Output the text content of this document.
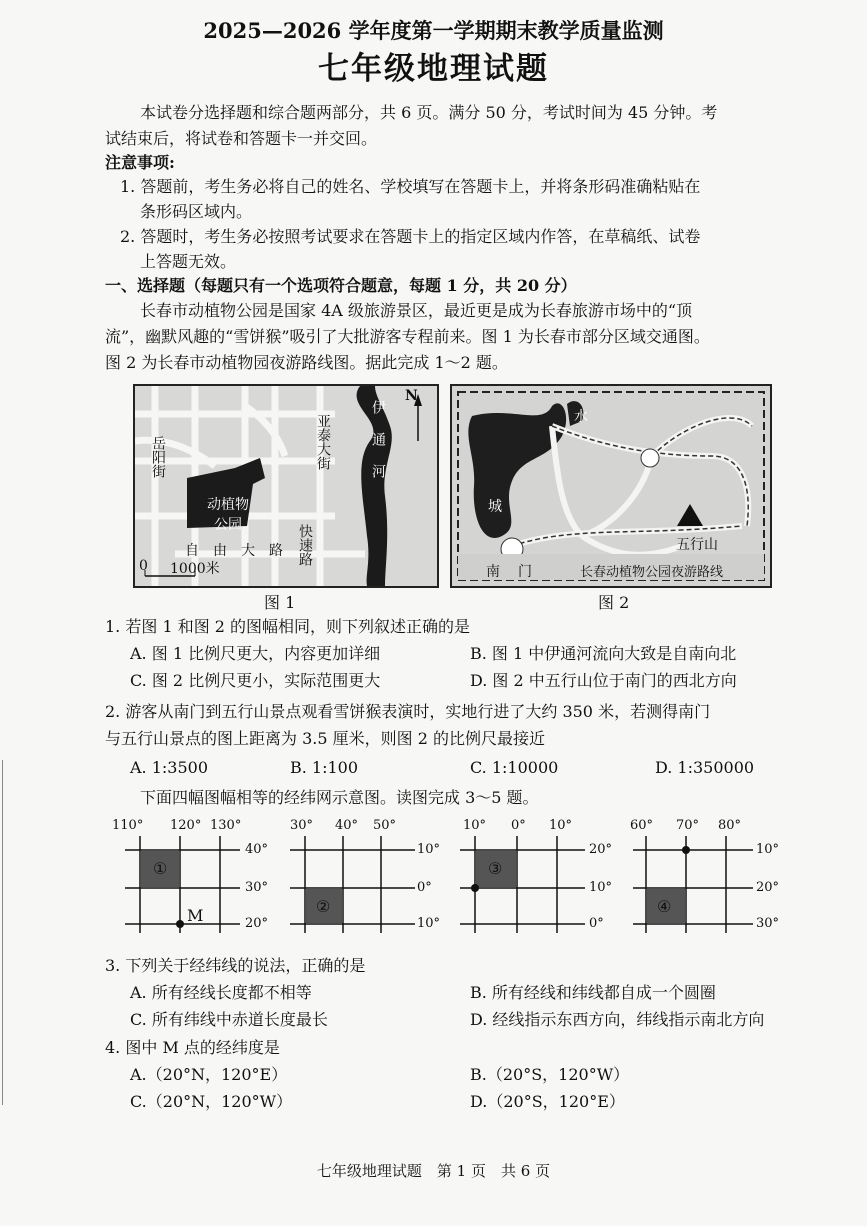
2025—2026 学年度第一学期期末教学质量监测
七年级地理试题
本试卷分选择题和综合题两部分，共 6 页。满分 50 分，考试时间为 45 分钟。考
试结束后，将试卷和答题卡一并交回。
注意事项:
1. 答题前，考生务必将自己的姓名、学校填写在答题卡上，并将条形码准确粘贴在
条形码区域内。
2. 答题时，考生务必按照考试要求在答题卡上的指定区域内作答，在草稿纸、试卷
上答题无效。
一、选择题（每题只有一个选项符合题意，每题 1 分，共 20 分）
长春市动植物公园是国家 4A 级旅游景区，最近更是成为长春旅游市场中的“顶
流”，幽默风趣的“雪饼猴”吸引了大批游客专程前来。图 1 为长春市部分区域交通图。
图 2 为长春市动植物园夜游路线图。据此完成 1～2 题。
动植物公园
岳阳街	亚泰大街
自由大路 快速路
伊通河
N
0 1000米
图 1
水
城
南门
五行山
长春动植物公园夜游路线
图 2
1. 若图 1 和图 2 的图幅相同，则下列叙述正确的是
A. 图 1 比例尺更大，内容更加详细	B. 图 1 中伊通河流向大致是自南向北
C. 图 2 比例尺更小，实际范围更大	D. 图 2 中五行山位于南门的西北方向
2. 游客从南门到五行山景点观看雪饼猴表演时，实地行进了大约 350 米，若测得南门
与五行山景点的图上距离为 3.5 厘米，则图 2 的比例尺最接近
A. 1:3500	B. 1:100	C. 1:10000	D. 1:350000
下面四幅图幅相等的经纬网示意图。读图完成 3～5 题。
110° 120° 130°
40°
30°
20°
①
M
30° 40° 50°
10°
0°
10°
②
10° 0° 10°
20°
10°
0°
③
60° 70° 80°
10°
20°
30°
④
3. 下列关于经纬线的说法，正确的是
A. 所有经线长度都不相等	B. 所有经线和纬线都自成一个圆圈
C. 所有纬线中赤道长度最长	D. 经线指示东西方向，纬线指示南北方向
4. 图中 M 点的经纬度是
A.（20°N，120°E）	B.（20°S，120°W）
C.（20°N，120°W）	D.（20°S，120°E）
七年级地理试题　第 1 页　共 6 页
